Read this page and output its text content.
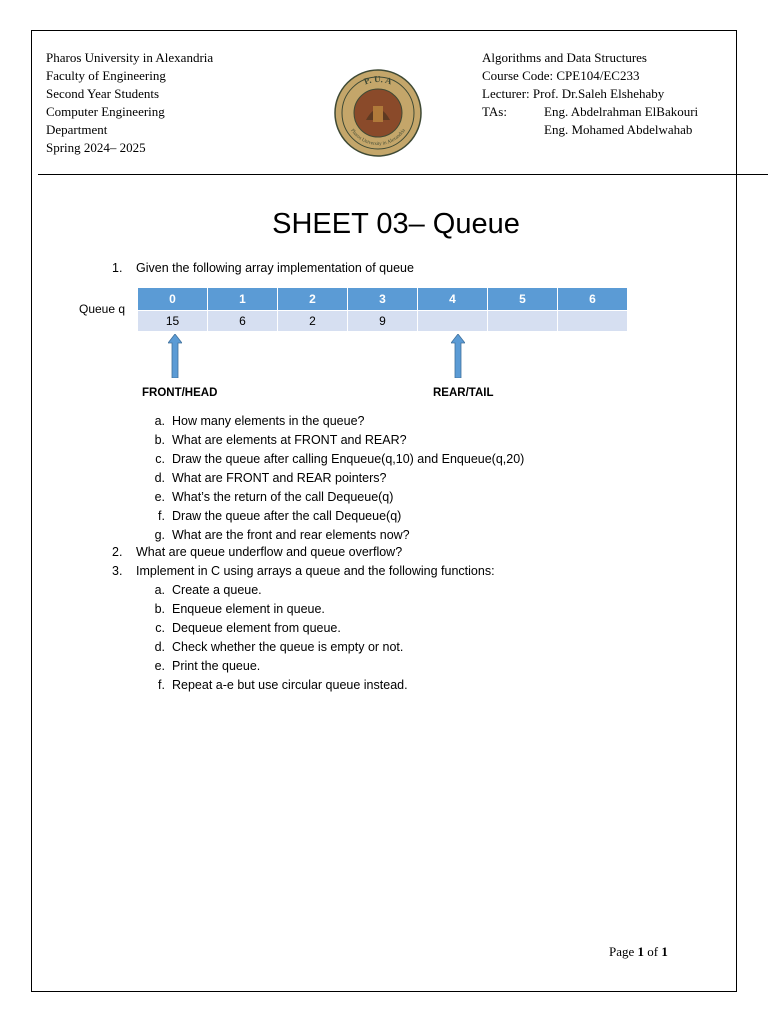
Pharos University in Alexandria
Faculty of Engineering
Second Year Students
Computer Engineering
Department
Spring 2024– 2025
P. U. A
Pharos University in Alexandria
Algorithms and Data Structures
Course Code: CPE104/EC233
Lecturer: Prof. Dr.Saleh Elshehaby
TAs:	Eng. Abdelrahman ElBakouri
Eng. Mohamed Abdelwahab
SHEET 03– Queue
1. Given the following array implementation of queue
Queue q
0	1	2	3	4	5	6
15	6	2	9			
FRONT/HEAD	REAR/TAIL
a. How many elements in the queue?
b. What are elements at FRONT and REAR?
c. Draw the queue after calling Enqueue(q,10) and Enqueue(q,20)
d. What are FRONT and REAR pointers?
e. What’s the return of the call Dequeue(q)
f. Draw the queue after the call Dequeue(q)
g. What are the front and rear elements now?
2. What are queue underflow and queue overflow?
3. Implement in C using arrays a queue and the following functions:
a. Create a queue.
b. Enqueue element in queue.
c. Dequeue element from queue.
d. Check whether the queue is empty or not.
e. Print the queue.
f. Repeat a-e but use circular queue instead.
Page 1 of 1
